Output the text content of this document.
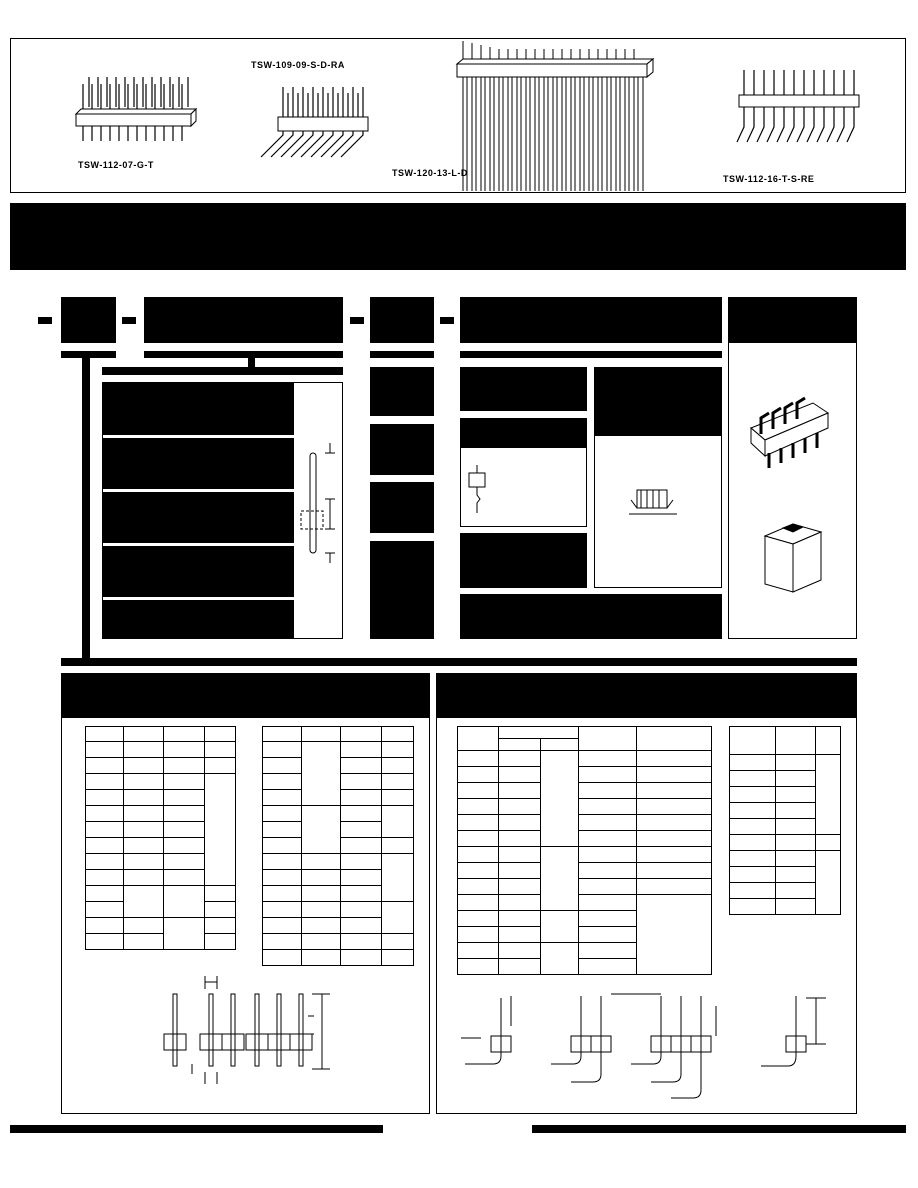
TSW-112-07-G-T
TSW-109-09-S-D-RA
TSW-120-13-L-D
TSW-112-16-T-S-RE
